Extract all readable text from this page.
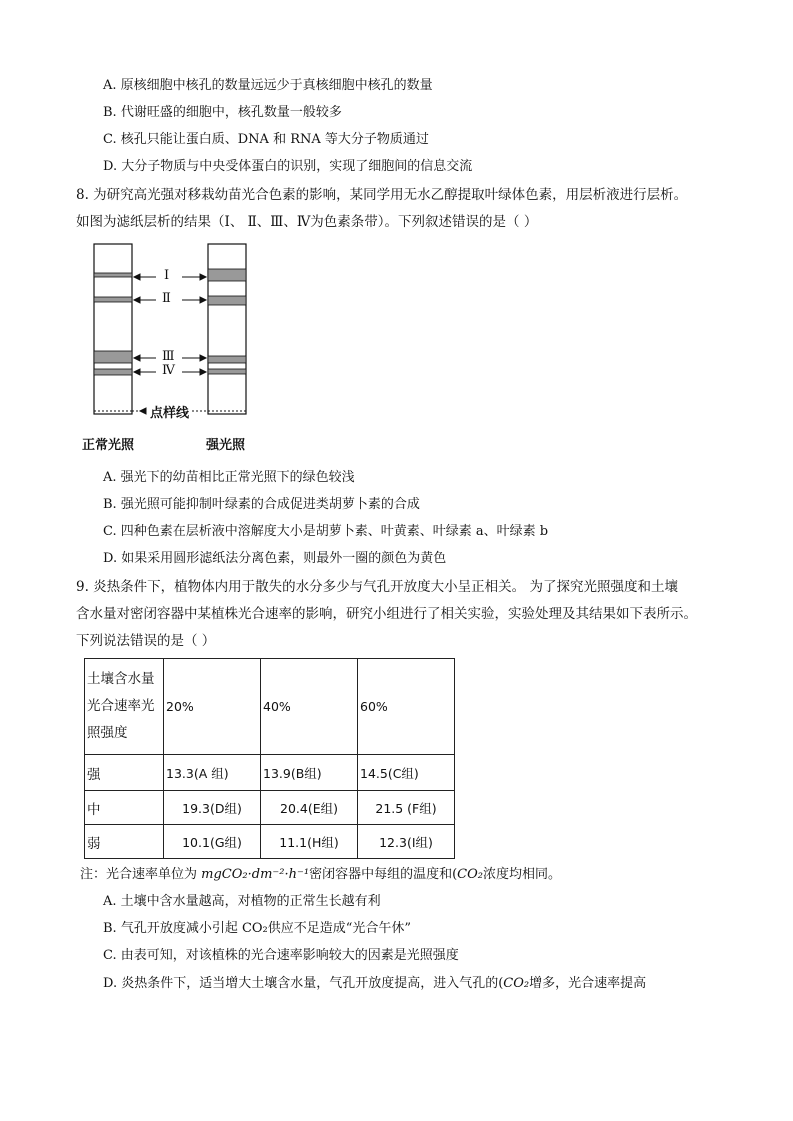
A. 原核细胞中核孔的数量远远少于真核细胞中核孔的数量
B. 代谢旺盛的细胞中，核孔数量一般较多
C. 核孔只能让蛋白质、DNA 和 RNA 等大分子物质通过
D. 大分子物质与中央受体蛋白的识别，实现了细胞间的信息交流
8. 为研究高光强对移栽幼苗光合色素的影响，某同学用无水乙醇提取叶绿体色素，用层析液进行层析。
如图为滤纸层析的结果（Ⅰ、 Ⅱ、Ⅲ、Ⅳ为色素条带）。下列叙述错误的是（ ）
Ⅰ
Ⅱ
Ⅲ
Ⅳ
点样线
正常光照	强光照
A. 强光下的幼苗相比正常光照下的绿色较浅
B. 强光照可能抑制叶绿素的合成促进类胡萝卜素的合成
C. 四种色素在层析液中溶解度大小是胡萝卜素、叶黄素、叶绿素 a、叶绿素 b
D. 如果采用圆形滤纸法分离色素，则最外一圈的颜色为黄色
9. 炎热条件下，植物体内用于散失的水分多少与气孔开放度大小呈正相关。 为了探究光照强度和土壤
含水量对密闭容器中某植株光合速率的影响，研究小组进行了相关实验，实验处理及其结果如下表所示。
下列说法错误的是（ ）
土壤含水量
光合速率光
照强度	20%	40%	60%
强	13.3(A 组)	13.9(B组)	14.5(C组)
中	19.3(D组)	20.4(E组)	21.5 (F组)
弱	10.1(G组)	11.1(H组)	12.3(Ⅰ组)
注：光合速率单位为 mgCO₂·dm⁻²·h⁻¹密闭容器中每组的温度和(CO₂浓度均相同。
A. 土壤中含水量越高，对植物的正常生长越有利
B. 气孔开放度减小引起 CO₂供应不足造成“光合午休”
C. 由表可知，对该植株的光合速率影响较大的因素是光照强度
D. 炎热条件下，适当增大土壤含水量，气孔开放度提高，进入气孔的(CO₂增多，光合速率提高
